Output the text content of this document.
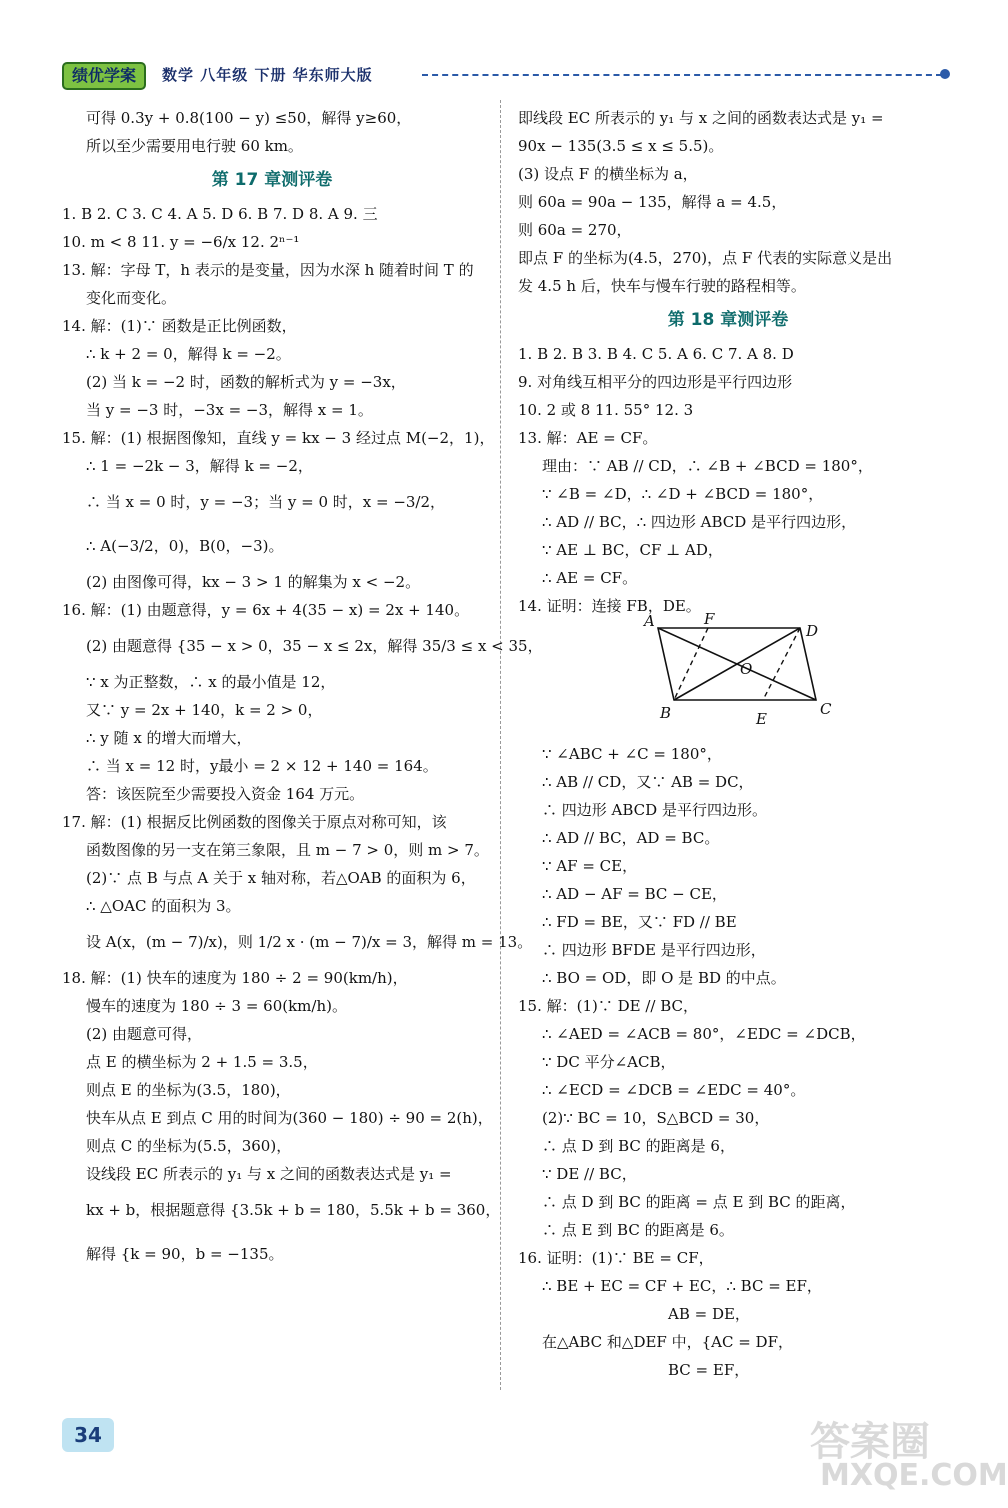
绩优学案	数学 八年级 下册 华东师大版
可得 0.3y + 0.8(100 − y) ≤50，解得 y≥60，
所以至少需要用电行驶 60 km。
第 17 章测评卷
1. B 2. C 3. C 4. A 5. D 6. B 7. D 8. A 9. 三
10. m < 8 11. y = −6/x 12. 2ⁿ⁻¹
13. 解：字母 T，h 表示的是变量，因为水深 h 随着时间 T 的
变化而变化。
14. 解：(1)∵ 函数是正比例函数，
∴ k + 2 = 0，解得 k = −2。
(2) 当 k = −2 时，函数的解析式为 y = −3x，
当 y = −3 时，−3x = −3，解得 x = 1。
15. 解：(1) 根据图像知，直线 y = kx − 3 经过点 M(−2，1)，
∴ 1 = −2k − 3，解得 k = −2，
∴ 当 x = 0 时，y = −3；当 y = 0 时，x = −3/2，
∴ A(−3/2，0)，B(0，−3)。
(2) 由图像可得，kx − 3 > 1 的解集为 x < −2。
16. 解：(1) 由题意得，y = 6x + 4(35 − x) = 2x + 140。
(2) 由题意得 {35 − x > 0，35 − x ≤ 2x，解得 35/3 ≤ x < 35，
∵ x 为正整数，∴ x 的最小值是 12，
又∵ y = 2x + 140，k = 2 > 0，
∴ y 随 x 的增大而增大，
∴ 当 x = 12 时，y最小 = 2 × 12 + 140 = 164。
答：该医院至少需要投入资金 164 万元。
17. 解：(1) 根据反比例函数的图像关于原点对称可知，该
函数图像的另一支在第三象限，且 m − 7 > 0，则 m > 7。
(2)∵ 点 B 与点 A 关于 x 轴对称，若△OAB 的面积为 6，
∴ △OAC 的面积为 3。
设 A(x，(m − 7)/x)，则 1/2 x · (m − 7)/x = 3，解得 m = 13。
18. 解：(1) 快车的速度为 180 ÷ 2 = 90(km/h)，
慢车的速度为 180 ÷ 3 = 60(km/h)。
(2) 由题意可得，
点 E 的横坐标为 2 + 1.5 = 3.5，
则点 E 的坐标为(3.5，180)，
快车从点 E 到点 C 用的时间为(360 − 180) ÷ 90 = 2(h)，
则点 C 的坐标为(5.5，360)，
设线段 EC 所表示的 y₁ 与 x 之间的函数表达式是 y₁ =
kx + b，根据题意得 {3.5k + b = 180，5.5k + b = 360，
解得 {k = 90，b = −135。
即线段 EC 所表示的 y₁ 与 x 之间的函数表达式是 y₁ =
90x − 135(3.5 ≤ x ≤ 5.5)。
(3) 设点 F 的横坐标为 a，
则 60a = 90a − 135，解得 a = 4.5，
则 60a = 270，
即点 F 的坐标为(4.5，270)，点 F 代表的实际意义是出
发 4.5 h 后，快车与慢车行驶的路程相等。
第 18 章测评卷
1. B 2. B 3. B 4. C 5. A 6. C 7. A 8. D
9. 对角线互相平分的四边形是平行四边形
10. 2 或 8 11. 55° 12. 3
13. 解：AE = CF。
理由：∵ AB // CD，∴ ∠B + ∠BCD = 180°，
∵ ∠B = ∠D，∴ ∠D + ∠BCD = 180°，
∴ AD // BC，∴ 四边形 ABCD 是平行四边形，
∵ AE ⊥ BC，CF ⊥ AD，
∴ AE = CF。
14. 证明：连接 FB，DE。
A	F
D
O
B	E
C
∵ ∠ABC + ∠C = 180°，
∴ AB // CD，又∵ AB = DC，
∴ 四边形 ABCD 是平行四边形。
∴ AD // BC，AD = BC。
∵ AF = CE，
∴ AD − AF = BC − CE，
∴ FD = BE，又∵ FD // BE
∴ 四边形 BFDE 是平行四边形，
∴ BO = OD，即 O 是 BD 的中点。
15. 解：(1)∵ DE // BC，
∴ ∠AED = ∠ACB = 80°，∠EDC = ∠DCB，
∵ DC 平分∠ACB，
∴ ∠ECD = ∠DCB = ∠EDC = 40°。
(2)∵ BC = 10，S△BCD = 30，
∴ 点 D 到 BC 的距离是 6，
∵ DE // BC，
∴ 点 D 到 BC 的距离 = 点 E 到 BC 的距离，
∴ 点 E 到 BC 的距离是 6。
16. 证明：(1)∵ BE = CF，
∴ BE + EC = CF + EC，∴ BC = EF，
AB = DE，
在△ABC 和△DEF 中，{AC = DF，
BC = EF，
34	答案圈
MXQE.COM
